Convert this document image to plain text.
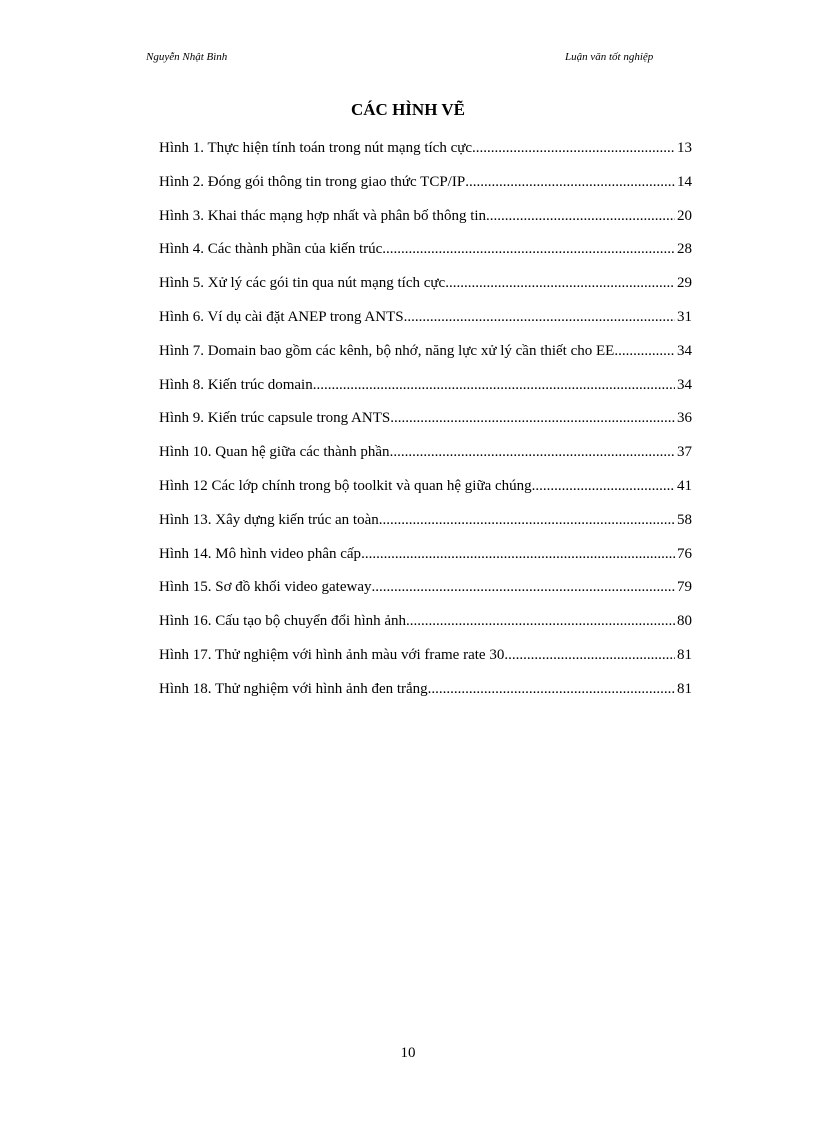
Nguyễn Nhật Bình	Luận văn tốt nghiệp
CÁC HÌNH VẼ
Hình 1. Thực hiện tính toán trong nút mạng tích cực .....	13
Hình 2. Đóng gói thông tin trong giao thức TCP/IP .....	14
Hình 3. Khai thác mạng hợp nhất và phân bố thông tin .....	20
Hình 4. Các thành phần của kiến trúc .....	28
Hình 5. Xử lý các gói tin qua nút mạng tích cực .....	29
Hình 6. Ví dụ cài đặt ANEP trong ANTS .....	31
Hình 7. Domain bao gồm các kênh, bộ nhớ, năng lực xử lý cần thiết cho EE .....	34
Hình 8. Kiến trúc domain .....	34
Hình 9. Kiến trúc capsule trong ANTS .....	36
Hình 10. Quan hệ giữa các thành phần .....	37
Hình 12 Các lớp chính trong bộ toolkit và quan hệ giữa chúng .....	41
Hình 13. Xây dựng kiến trúc an toàn .....	58
Hình 14. Mô hình video phân cấp .....	76
Hình 15. Sơ đồ khối video gateway .....	79
Hình 16. Cấu tạo bộ chuyển đổi hình ảnh .....	80
Hình 17. Thử nghiệm với hình ảnh màu với frame rate 30 .....	81
Hình 18. Thử nghiệm với hình ảnh đen trắng .....	81
10
